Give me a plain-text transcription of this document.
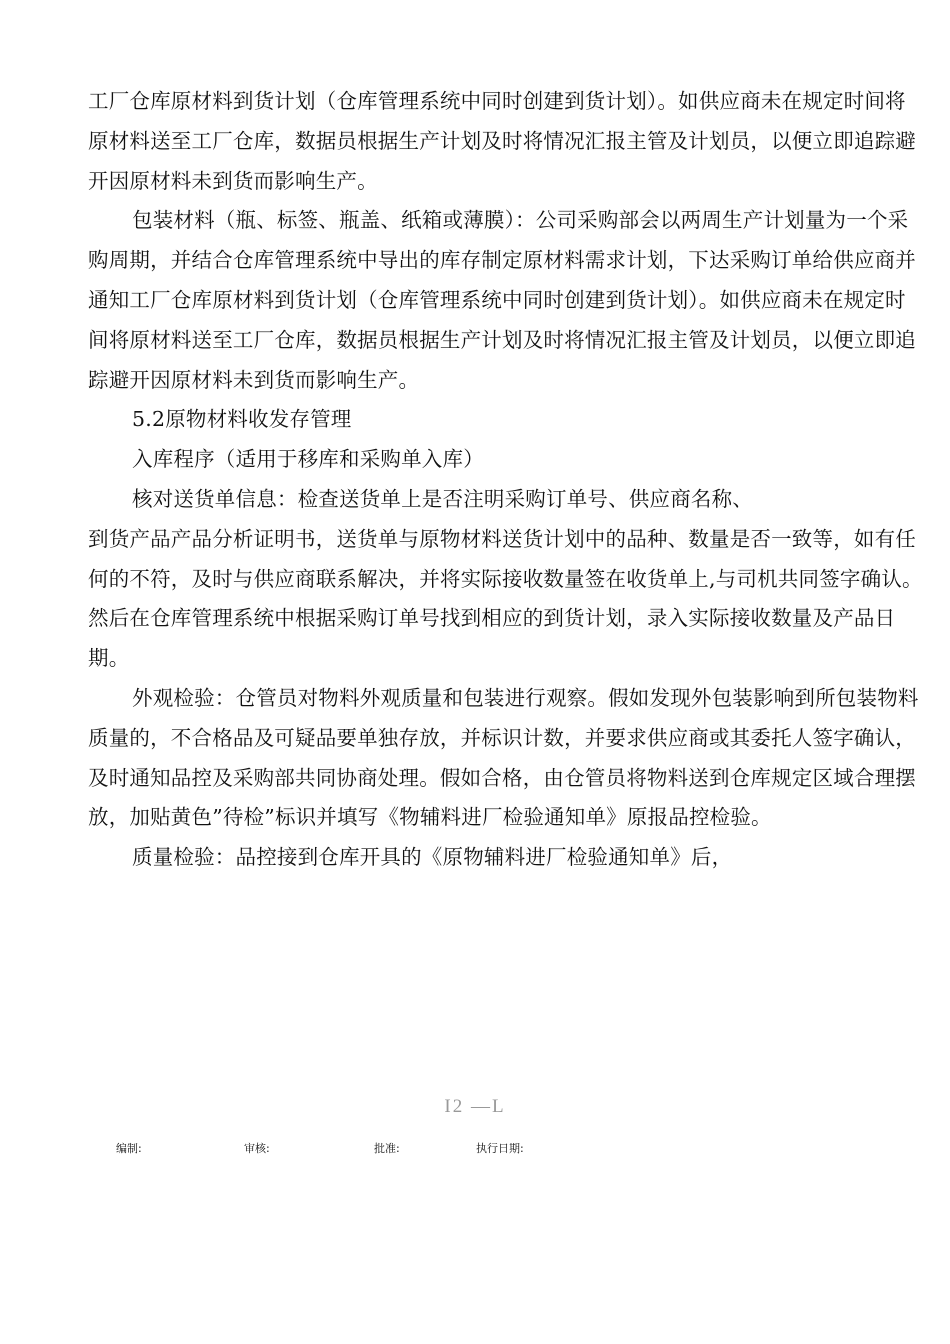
工厂仓库原材料到货计划（仓库管理系统中同时创建到货计划）。如供应商未在规定时间将
原材料送至工厂仓库，数据员根据生产计划及时将情况汇报主管及计划员，以便立即追踪避
开因原材料未到货而影响生产。
包装材料（瓶、标签、瓶盖、纸箱或薄膜）：公司采购部会以两周生产计划量为一个采
购周期，并结合仓库管理系统中导出的库存制定原材料需求计划，下达采购订单给供应商并
通知工厂仓库原材料到货计划（仓库管理系统中同时创建到货计划）。如供应商未在规定时
间将原材料送至工厂仓库，数据员根据生产计划及时将情况汇报主管及计划员，以便立即追
踪避开因原材料未到货而影响生产。
5.2原物材料收发存管理
入库程序（适用于移库和采购单入库）
核对送货单信息：检查送货单上是否注明采购订单号、供应商名称、
到货产品产品分析证明书，送货单与原物材料送货计划中的品种、数量是否一致等，如有任
何的不符，及时与供应商联系解决，并将实际接收数量签在收货单上,与司机共同签字确认。
然后在仓库管理系统中根据采购订单号找到相应的到货计划，录入实际接收数量及产品日
期。
外观检验：仓管员对物料外观质量和包装进行观察。假如发现外包装影响到所包装物料
质量的，不合格品及可疑品要单独存放，并标识计数，并要求供应商或其委托人签字确认，
及时通知品控及采购部共同协商处理。假如合格，由仓管员将物料送到仓库规定区域合理摆
放，加贴黄色”待检”标识并填写《物辅料进厂检验通知单》原报品控检验。
质量检验：品控接到仓库开具的《原物辅料进厂检验通知单》后，
I2 —L
编制:	审核:	批准:	执行日期:
